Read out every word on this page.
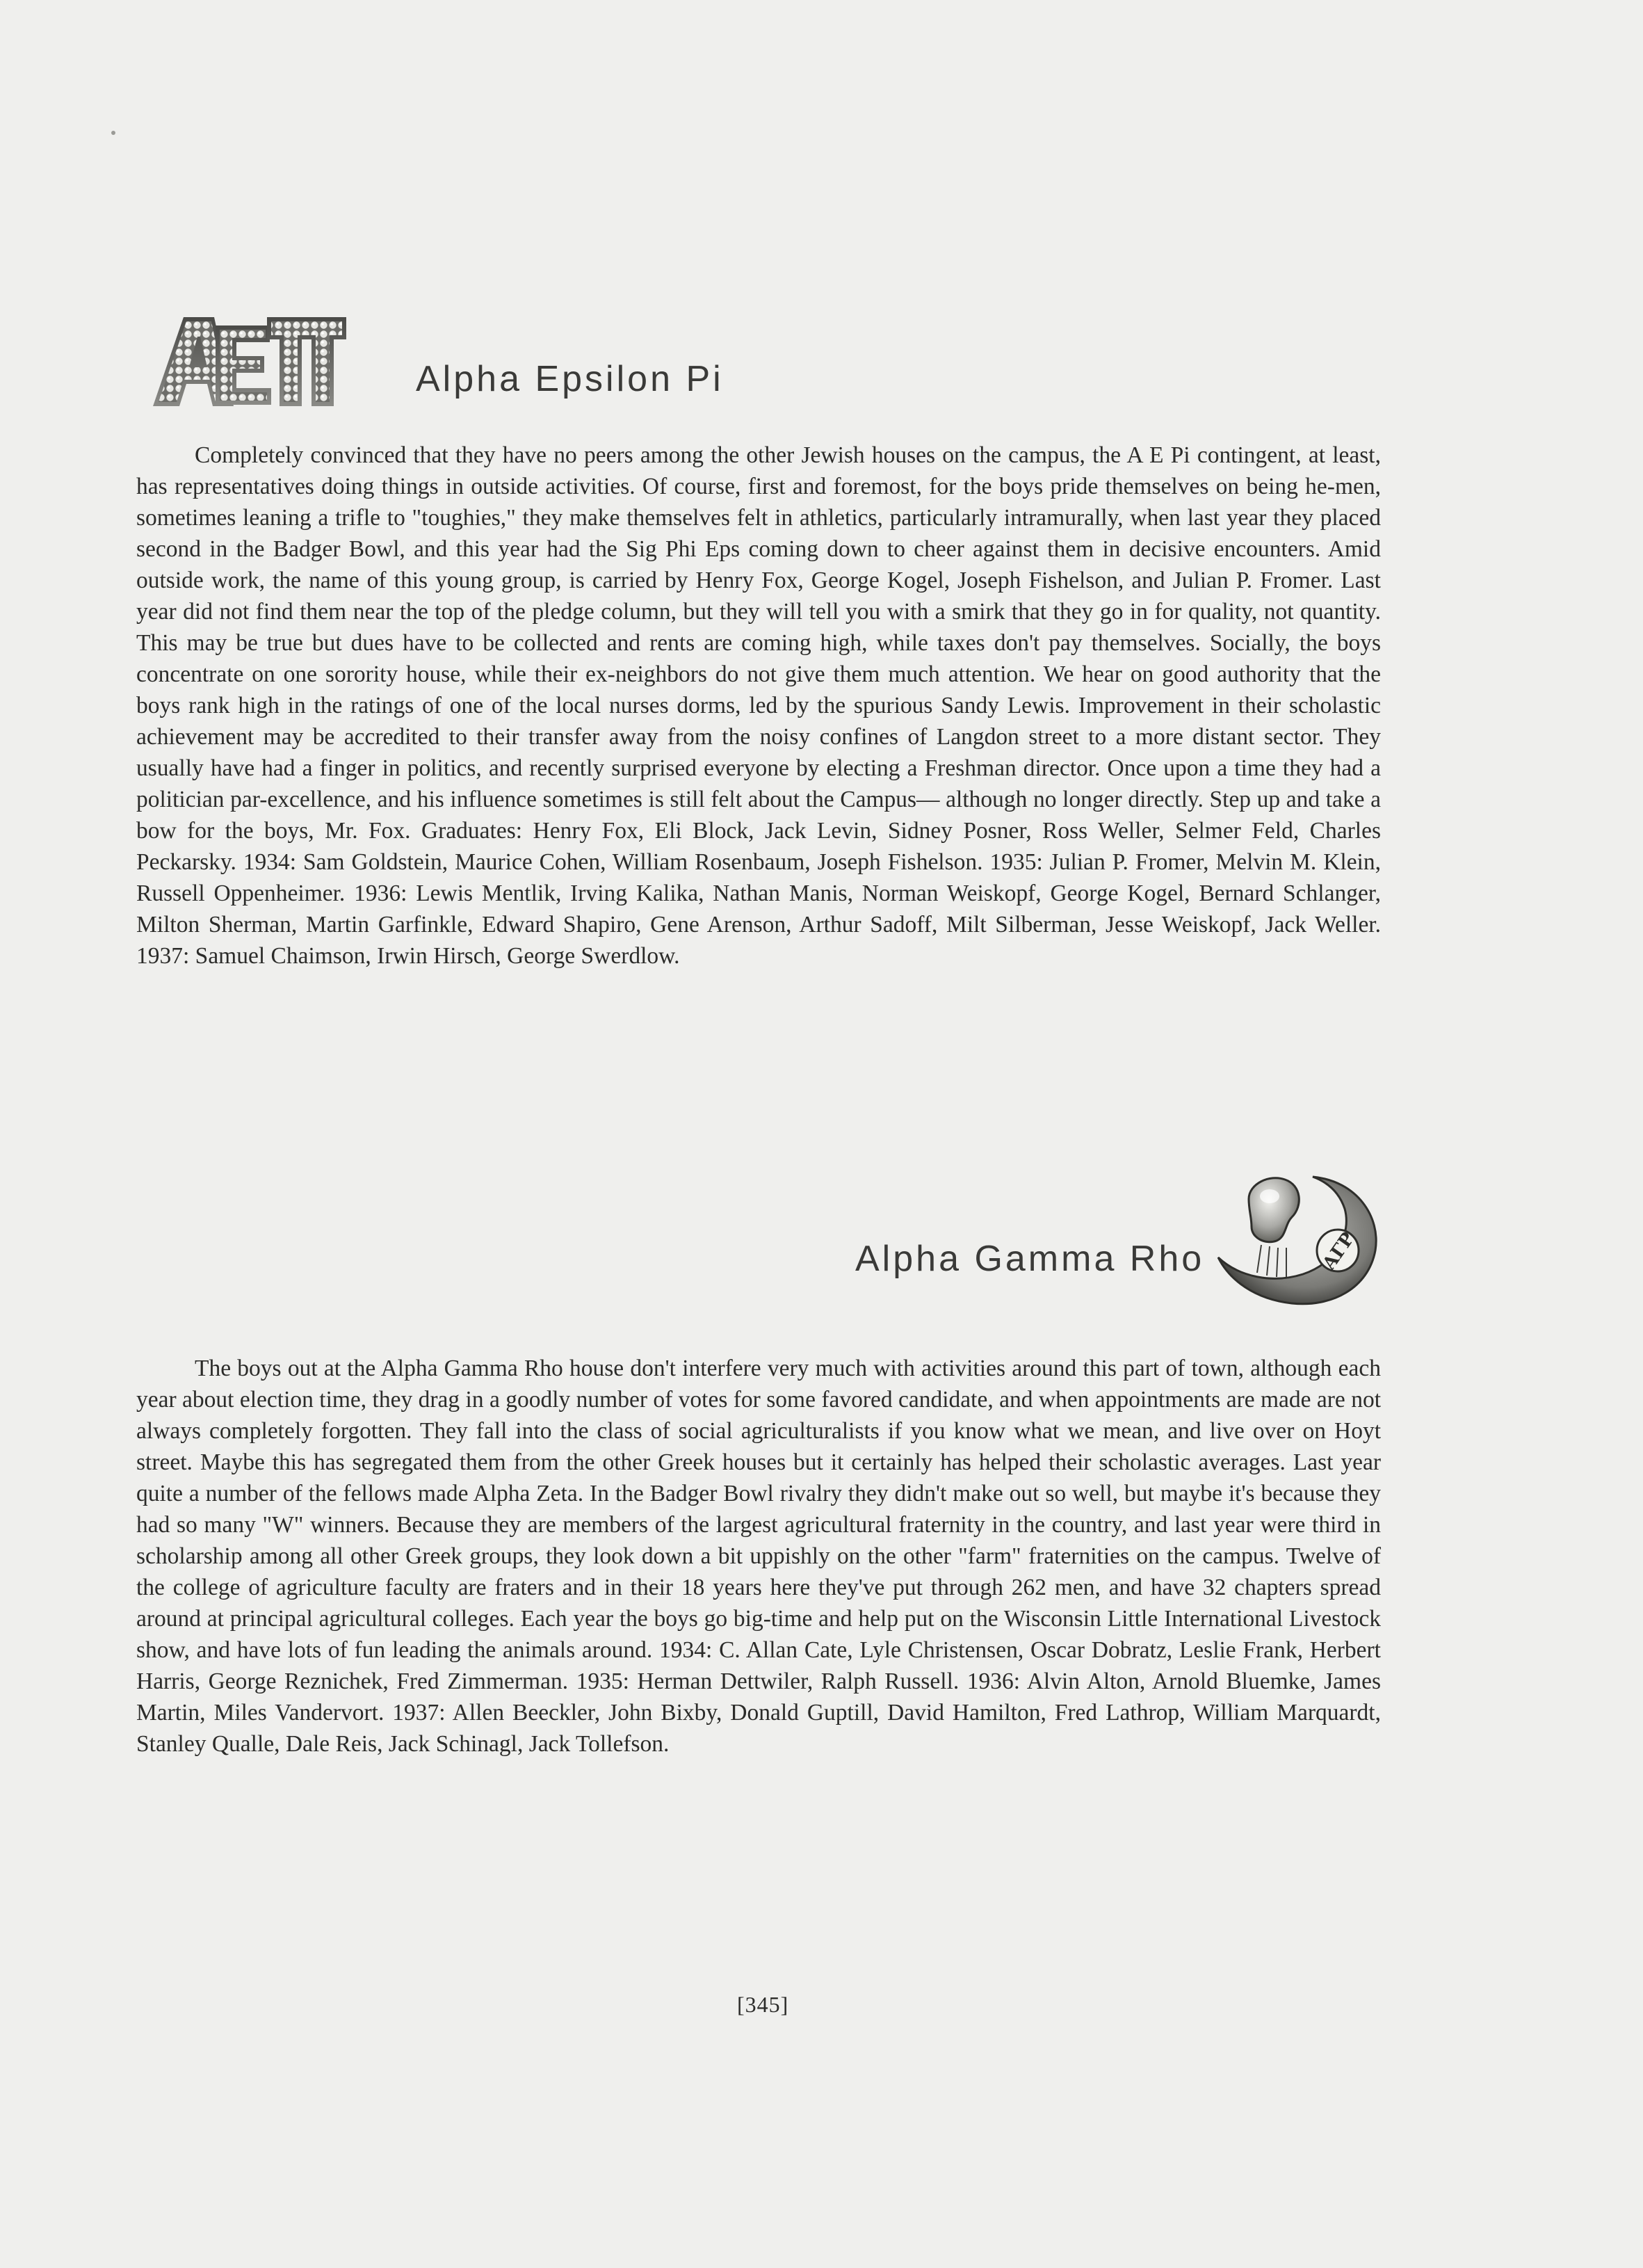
Alpha Epsilon Pi

Completely convinced that they have no peers among the other Jewish houses on the campus, the A E Pi contingent, at least, has representatives doing things in outside activities. Of course, first and foremost, for the boys pride themselves on being he-men, sometimes leaning a trifle to "toughies," they make themselves felt in athletics, particularly intramurally, when last year they placed second in the Badger Bowl, and this year had the Sig Phi Eps coming down to cheer against them in decisive encounters. Amid outside work, the name of this young group, is carried by Henry Fox, George Kogel, Joseph Fishelson, and Julian P. Fromer. Last year did not find them near the top of the pledge column, but they will tell you with a smirk that they go in for quality, not quantity. This may be true but dues have to be collected and rents are coming high, while taxes don't pay themselves. Socially, the boys concentrate on one sorority house, while their ex-neighbors do not give them much attention. We hear on good authority that the boys rank high in the ratings of one of the local nurses dorms, led by the spurious Sandy Lewis. Improvement in their scholastic achievement may be accredited to their transfer away from the noisy confines of Langdon street to a more distant sector. They usually have had a finger in politics, and recently surprised everyone by electing a Freshman director. Once upon a time they had a politician par-excellence, and his influence sometimes is still felt about the Campus— although no longer directly. Step up and take a bow for the boys, Mr. Fox. Graduates: Henry Fox, Eli Block, Jack Levin, Sidney Posner, Ross Weller, Selmer Feld, Charles Peckarsky. 1934: Sam Goldstein, Maurice Cohen, William Rosenbaum, Joseph Fishelson. 1935: Julian P. Fromer, Melvin M. Klein, Russell Oppenheimer. 1936: Lewis Mentlik, Irving Kalika, Nathan Manis, Norman Weiskopf, George Kogel, Bernard Schlanger, Milton Sherman, Martin Garfinkle, Edward Shapiro, Gene Arenson, Arthur Sadoff, Milt Silberman, Jesse Weiskopf, Jack Weller. 1937: Samuel Chaimson, Irwin Hirsch, George Swerdlow.

ΑΓΡ
Alpha Gamma Rho

The boys out at the Alpha Gamma Rho house don't interfere very much with activities around this part of town, although each year about election time, they drag in a goodly number of votes for some favored candidate, and when appointments are made are not always completely forgotten. They fall into the class of social agriculturalists if you know what we mean, and live over on Hoyt street. Maybe this has segregated them from the other Greek houses but it certainly has helped their scholastic averages. Last year quite a number of the fellows made Alpha Zeta. In the Badger Bowl rivalry they didn't make out so well, but maybe it's because they had so many "W" winners. Because they are members of the largest agricultural fraternity in the country, and last year were third in scholarship among all other Greek groups, they look down a bit uppishly on the other "farm" fraternities on the campus. Twelve of the college of agriculture faculty are fraters and in their 18 years here they've put through 262 men, and have 32 chapters spread around at principal agricultural colleges. Each year the boys go big-time and help put on the Wisconsin Little International Livestock show, and have lots of fun leading the animals around. 1934: C. Allan Cate, Lyle Christensen, Oscar Dobratz, Leslie Frank, Herbert Harris, George Reznichek, Fred Zimmerman. 1935: Herman Dettwiler, Ralph Russell. 1936: Alvin Alton, Arnold Bluemke, James Martin, Miles Vandervort. 1937: Allen Beeckler, John Bixby, Donald Guptill, David Hamilton, Fred Lathrop, William Marquardt, Stanley Qualle, Dale Reis, Jack Schinagl, Jack Tollefson.

[345]
